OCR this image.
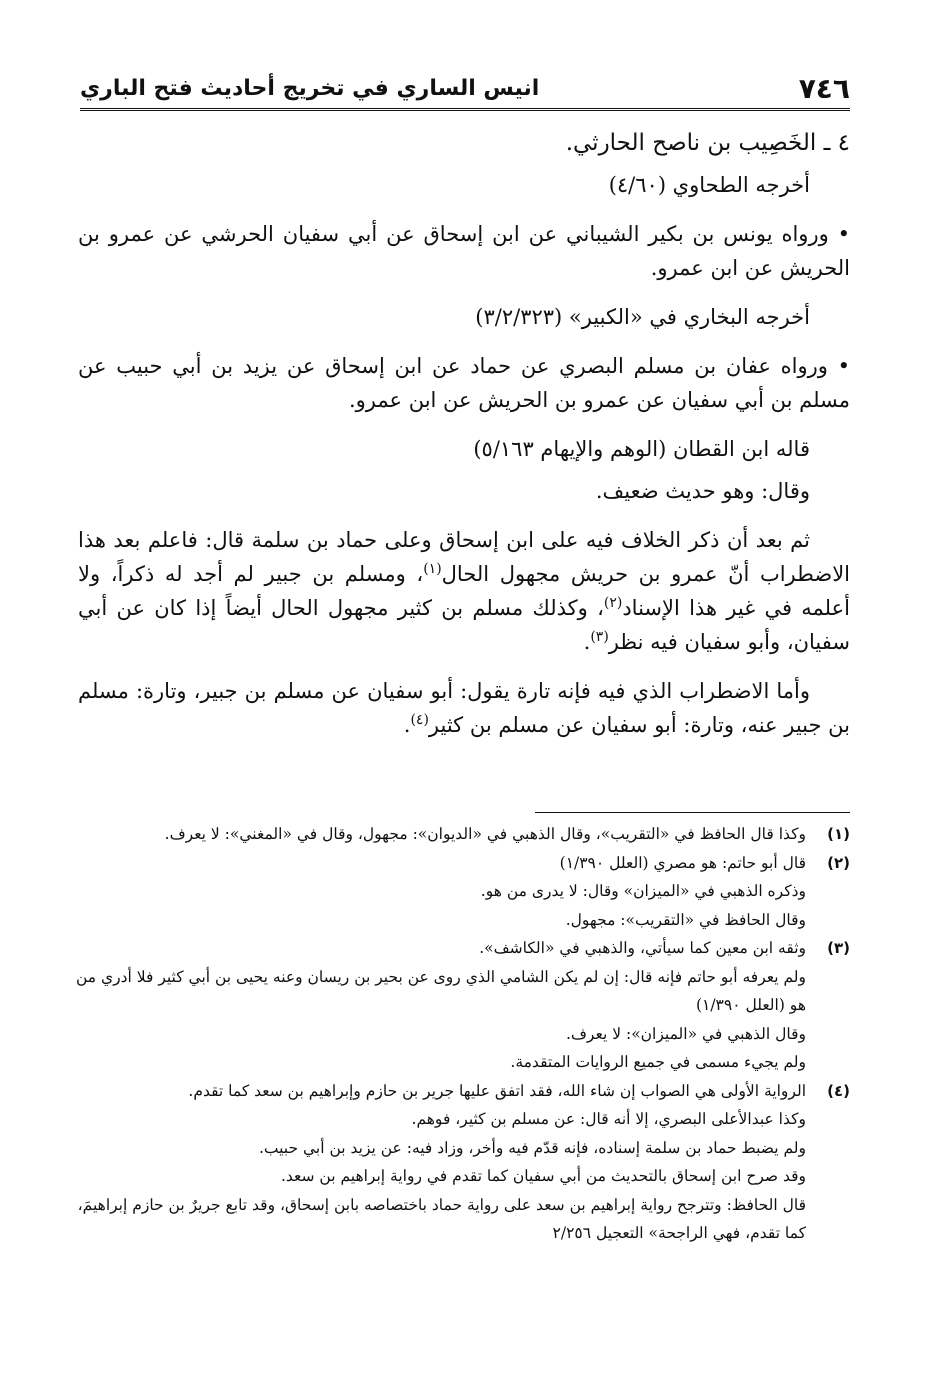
٧٤٦
انيس الساري في تخريج أحاديث فتح الباري

٤ ـ الخَصِيب بن ناصح الحارثي.

أخرجه الطحاوي (٤/٦٠)

• ورواه يونس بن بكير الشيباني عن ابن إسحاق عن أبي سفيان الحرشي عن عمرو بن الحريش عن ابن عمرو.

أخرجه البخاري في «الكبير» (٣/٢/٣٢٣)

• ورواه عفان بن مسلم البصري عن حماد عن ابن إسحاق عن يزيد بن أبي حبيب عن مسلم بن أبي سفيان عن عمرو بن الحريش عن ابن عمرو.

قاله ابن القطان (الوهم والإيهام ٥/١٦٣)

وقال: وهو حديث ضعيف.

ثم بعد أن ذكر الخلاف فيه على ابن إسحاق وعلى حماد بن سلمة قال: فاعلم بعد هذا الاضطراب أنّ عمرو بن حريش مجهول الحال$^{(١)}$، ومسلم بن جبير لم أجد له ذكراً، ولا أعلمه في غير هذا الإسناد$^{(٢)}$، وكذلك مسلم بن كثير مجهول الحال أيضاً إذا كان عن أبي سفيان، وأبو سفيان فيه نظر$^{(٣)}$.

وأما الاضطراب الذي فيه فإنه تارة يقول: أبو سفيان عن مسلم بن جبير، وتارة: مسلم بن جبير عنه، وتارة: أبو سفيان عن مسلم بن كثير$^{(٤)}$.

(١)
وكذا قال الحافظ في «التقريب»، وقال الذهبي في «الديوان»: مجهول، وقال في «المغني»: لا يعرف.
(٢)
قال أبو حاتم: هو مصري (العلل ١/٣٩٠)
وذكره الذهبي في «الميزان» وقال: لا يدرى من هو.
وقال الحافظ في «التقريب»: مجهول.
(٣)
وثقه ابن معين كما سيأتي، والذهبي في «الكاشف».
ولم يعرفه أبو حاتم فإنه قال: إن لم يكن الشامي الذي روى عن بحير بن ريسان وعنه يحيى بن أبي كثير فلا أدري من هو (العلل ١/٣٩٠)
وقال الذهبي في «الميزان»: لا يعرف.
ولم يجيء مسمى في جميع الروايات المتقدمة.
(٤)
الرواية الأولى هي الصواب إن شاء الله، فقد اتفق عليها جرير بن حازم وإبراهيم بن سعد كما تقدم.
وكذا عبدالأعلى البصري، إلا أنه قال: عن مسلم بن كثير، فوهم.
ولم يضبط حماد بن سلمة إسناده، فإنه قدّم فيه وأخر، وزاد فيه: عن يزيد بن أبي حبيب.
وقد صرح ابن إسحاق بالتحديث من أبي سفيان كما تقدم في رواية إبراهيم بن سعد.
قال الحافظ: وتترجح رواية إبراهيم بن سعد على رواية حماد باختصاصه بابن إسحاق، وقد تابع جريرٌ بن حازم إبراهيمَ، كما تقدم، فهي الراجحة» التعجيل ٢/٢٥٦
